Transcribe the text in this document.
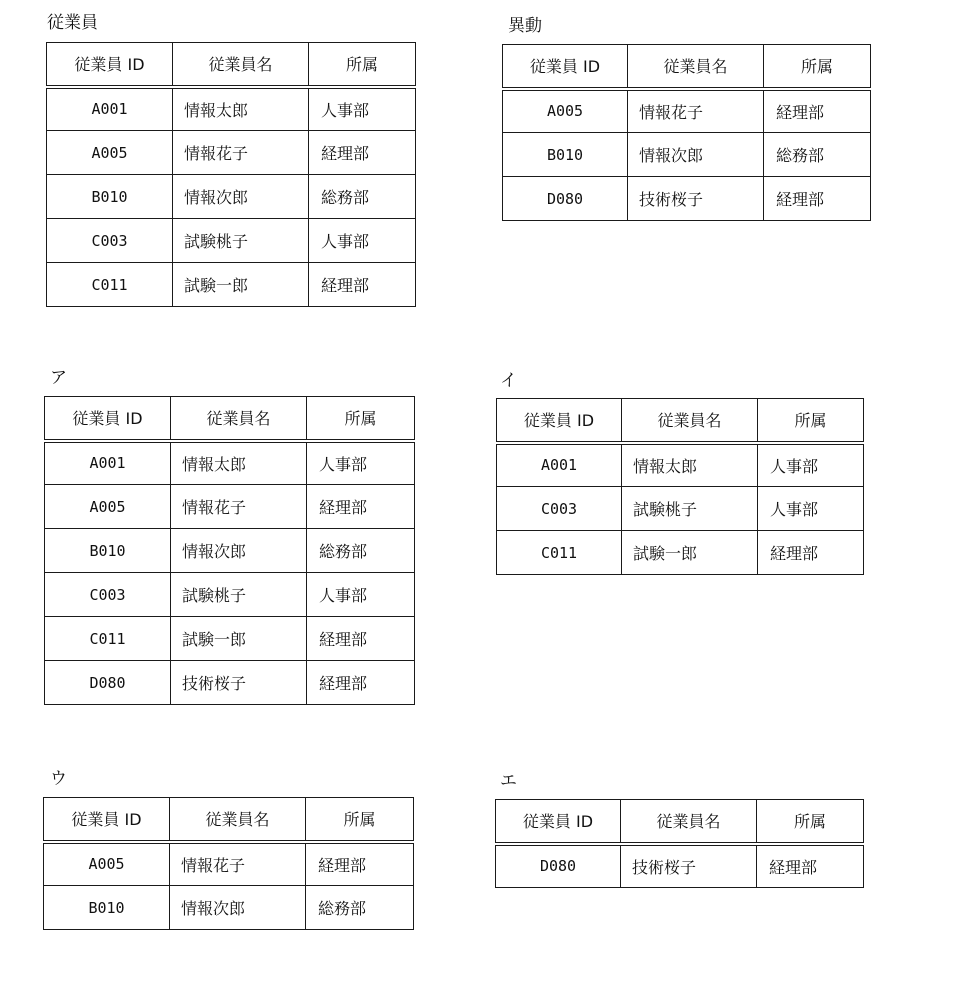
従業員
従業員 ID	従業員名	所属
A001	情報太郎	人事部
A005	情報花子	経理部
B010	情報次郎	総務部
C003	試験桃子	人事部
C011	試験一郎	経理部
異動
従業員 ID	従業員名	所属
A005	情報花子	経理部
B010	情報次郎	総務部
D080	技術桜子	経理部
ア
従業員 ID	従業員名	所属
A001	情報太郎	人事部
A005	情報花子	経理部
B010	情報次郎	総務部
C003	試験桃子	人事部
C011	試験一郎	経理部
D080	技術桜子	経理部
イ
従業員 ID	従業員名	所属
A001	情報太郎	人事部
C003	試験桃子	人事部
C011	試験一郎	経理部
ウ
従業員 ID	従業員名	所属
A005	情報花子	経理部
B010	情報次郎	総務部
エ
従業員 ID	従業員名	所属
D080	技術桜子	経理部
